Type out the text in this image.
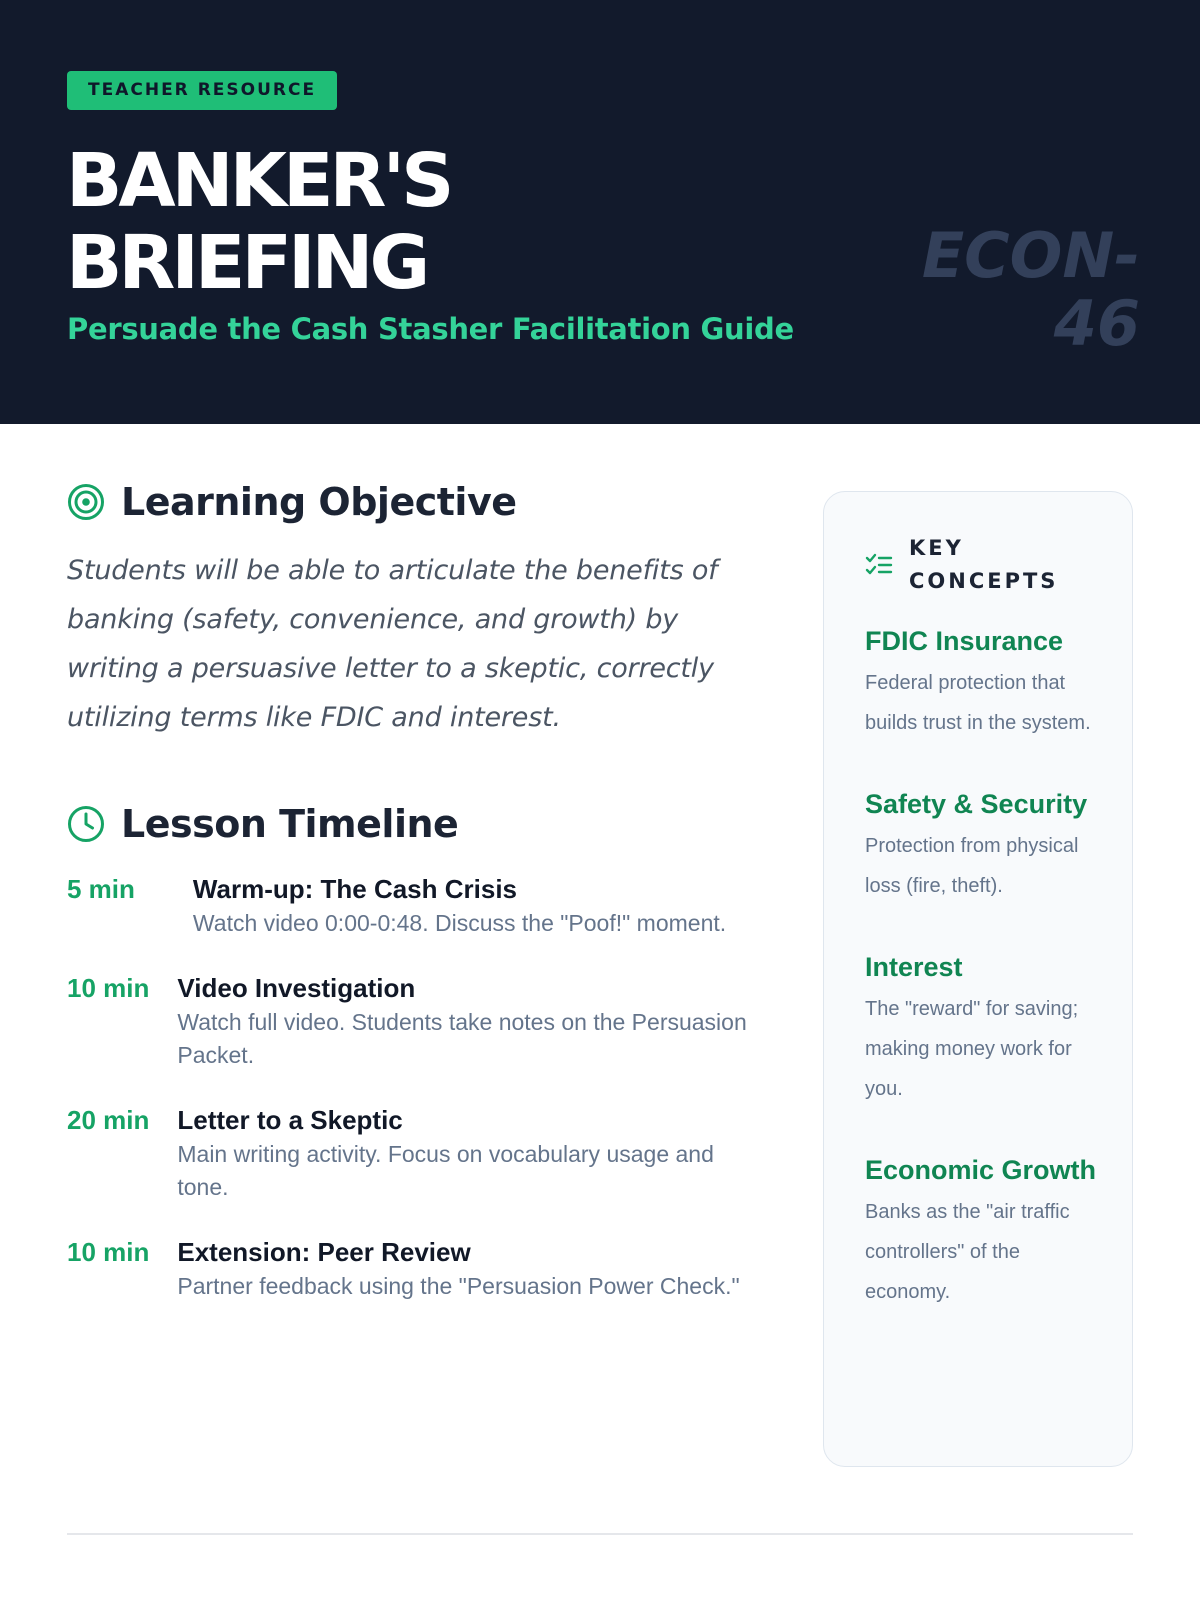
TEACHER RESOURCE
BANKER'S
BRIEFING
Persuade the Cash Stasher Facilitation Guide
ECON-
46
Learning Objective

Students will be able to articulate the benefits of banking (safety, convenience, and growth) by writing a persuasive letter to a skeptic, correctly utilizing terms like FDIC and interest.

Lesson Timeline
5 min Warm-up: The Cash Crisis
Watch video 0:00-0:48. Discuss the "Poof!" moment.
10 min Video Investigation
Watch full video. Students take notes on the Persuasion Packet.
20 min Letter to a Skeptic
Main writing activity. Focus on vocabulary usage and tone.
10 min Extension: Peer Review
Partner feedback using the "Persuasion Power Check."
KEY
CONCEPTS
FDIC Insurance
Federal protection that builds trust in the system.
Safety & Security
Protection from physical loss (fire, theft).
Interest
The "reward" for saving; making money work for you.
Economic Growth
Banks as the "air traffic controllers" of the economy.
